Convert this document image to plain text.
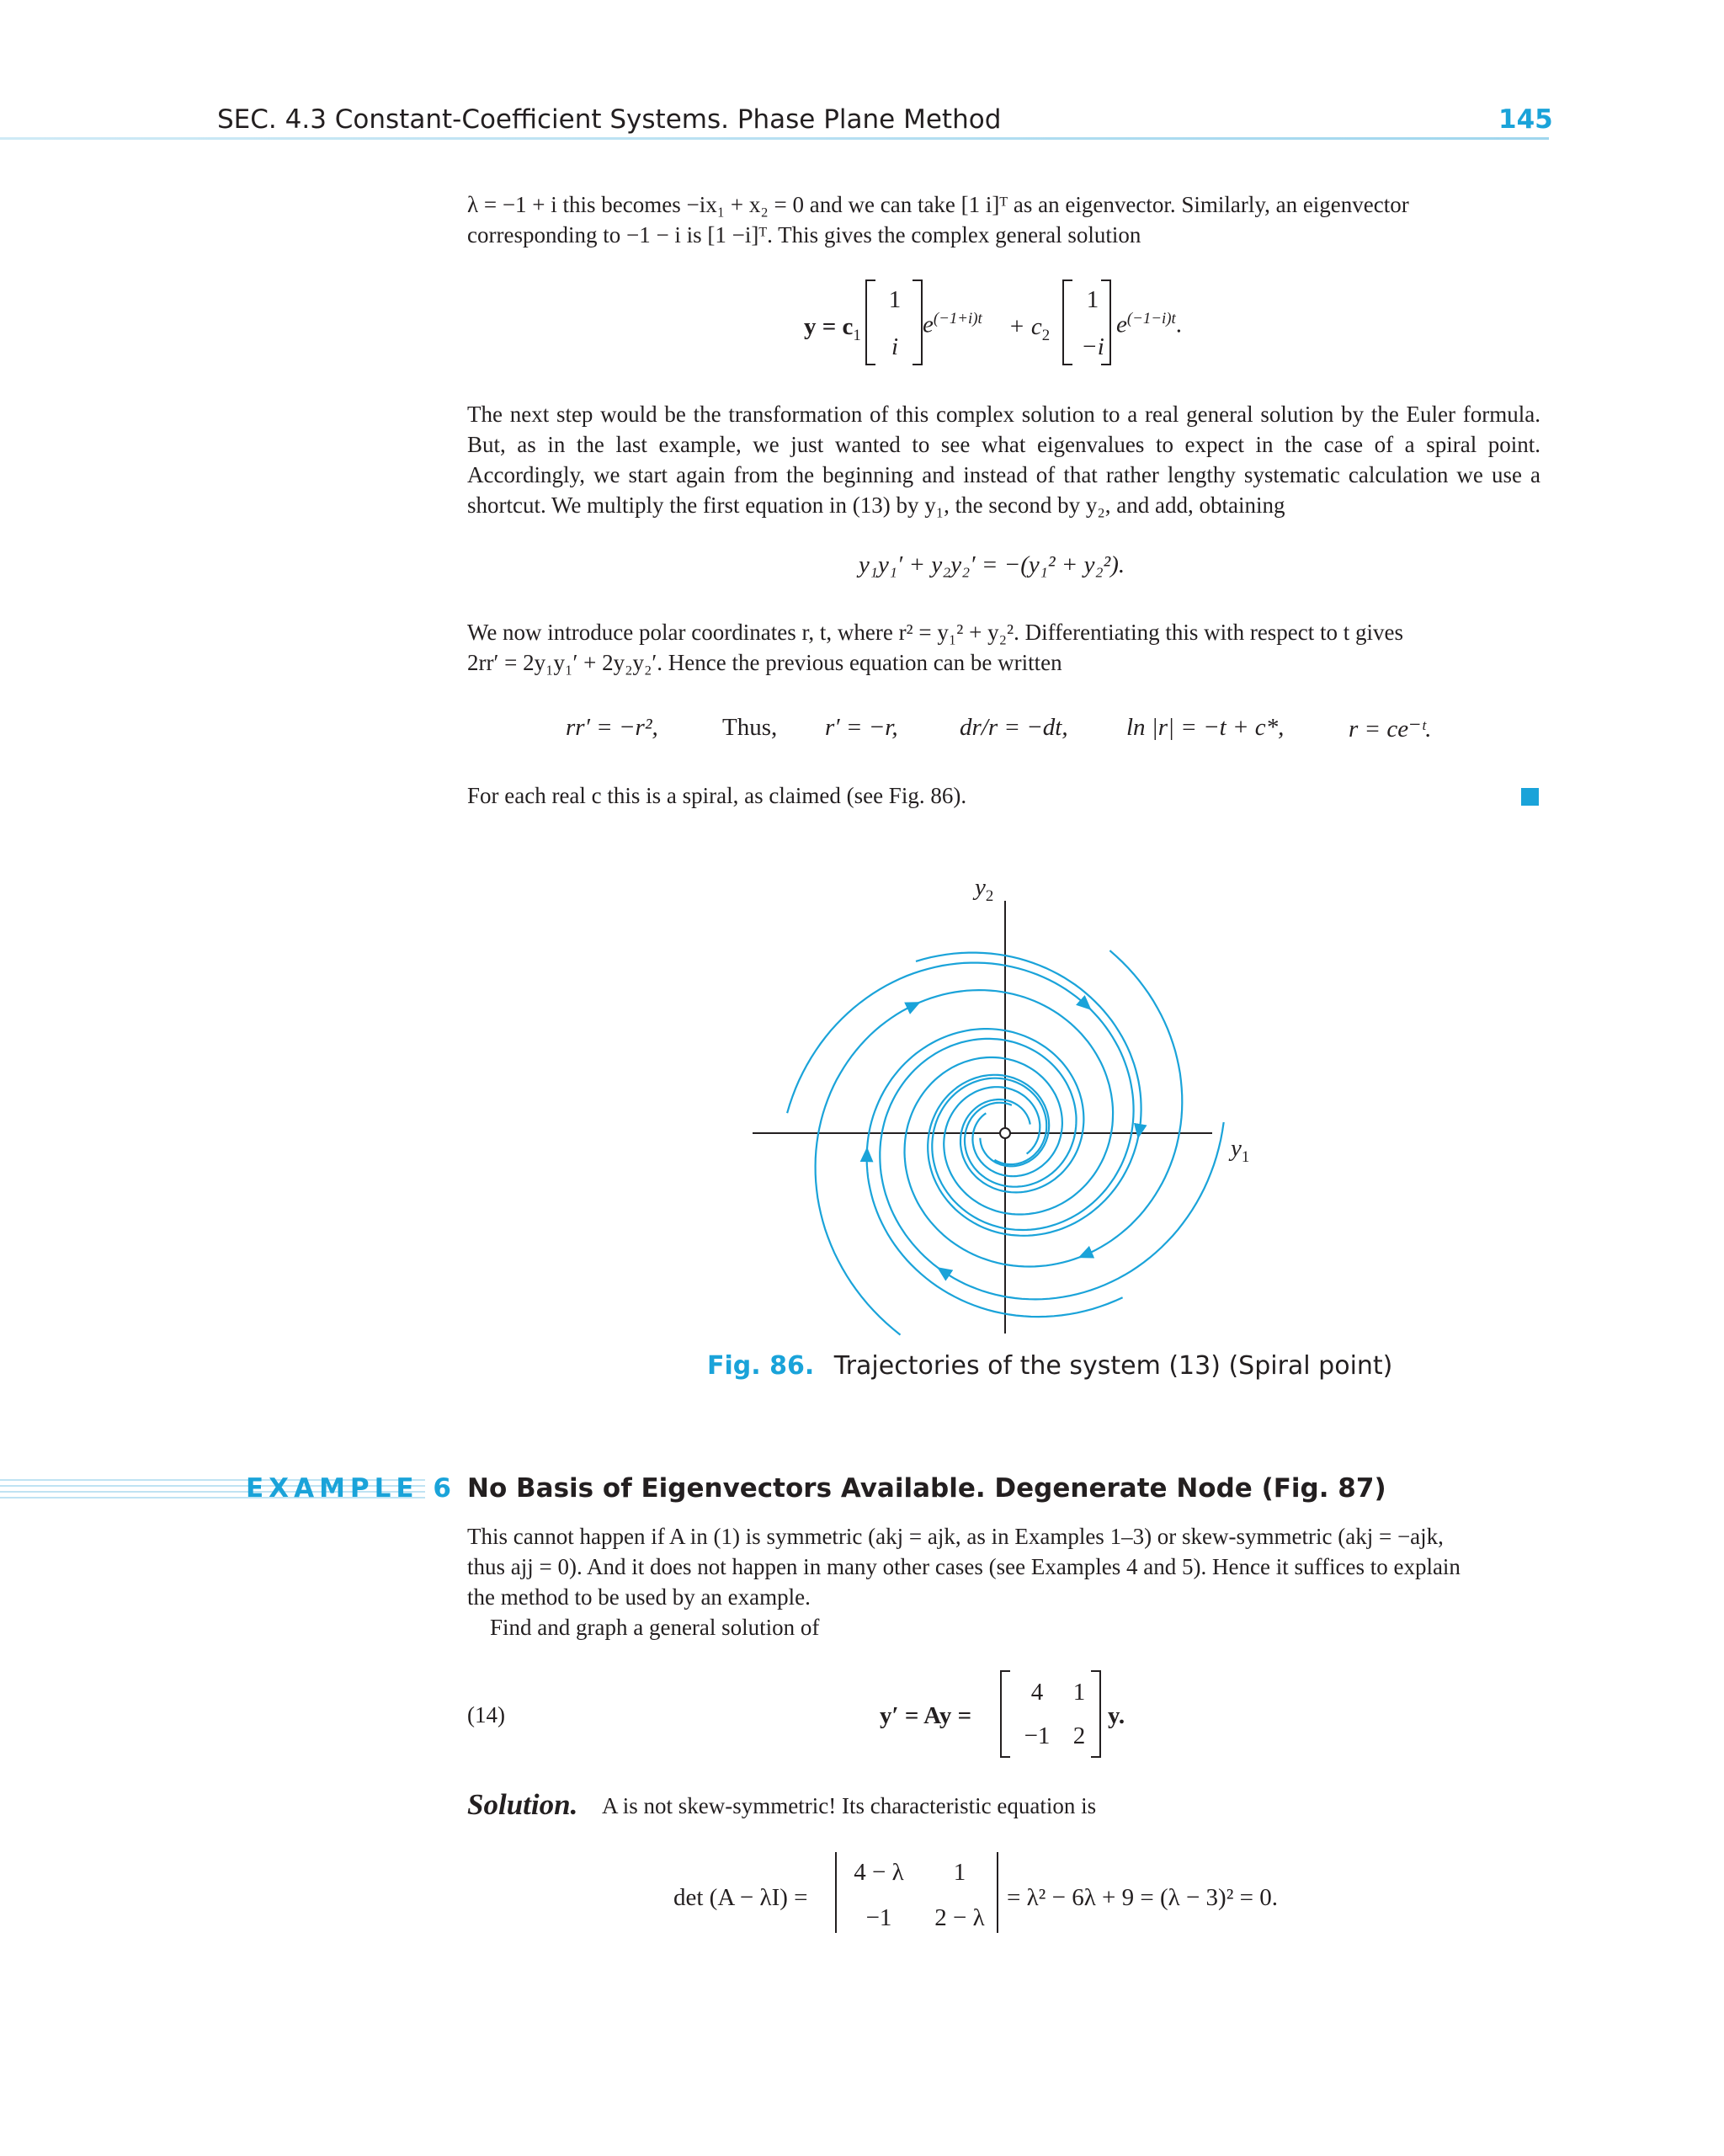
SEC. 4.3 Constant-Coefficient Systems. Phase Plane Method	145
λ = −1 + i this becomes −ix₁ + x₂ = 0 and we can take [1 i]ᵀ as an eigenvector. Similarly, an eigenvector
corresponding to −1 − i is [1 −i]ᵀ. This gives the complex general solution
$y = c_1$
1
i
$e^{(-1+i)t} + c_2$
1
−i
$e^{(-1-i)t}$.
The next step would be the transformation of this complex solution to a real general solution by the Euler formula. But, as in the last example, we just wanted to see what eigenvalues to expect in the case of a spiral point. Accordingly, we start again from the beginning and instead of that rather lengthy systematic calculation we use a shortcut. We multiply the first equation in (13) by y₁, the second by y₂, and add, obtaining
y₁y₁′ + y₂y₂′ = −(y₁² + y₂²).
We now introduce polar coordinates r, t, where r² = y₁² + y₂². Differentiating this with respect to t gives
2rr′ = 2y₁y₁′ + 2y₂y₂′. Hence the previous equation can be written
rr′ = −r²,	Thus, r′ = −r,	dr/r = −dt, ln |r| = −t + c*,	r = ce⁻ᵗ.
For each real c this is a spiral, as claimed (see Fig. 86).
$y_2$
$y_1$
Fig. 86. Trajectories of the system (13) (Spiral point)
EXAMPLE 6 No Basis of Eigenvectors Available. Degenerate Node (Fig. 87)
This cannot happen if A in (1) is symmetric (akj = ajk, as in Examples 1–3) or skew-symmetric (akj = −ajk,
thus ajj = 0). And it does not happen in many other cases (see Examples 4 and 5). Hence it suffices to explain
the method to be used by an example.
Find and graph a general solution of
(14)	y′ = Ay =
4	1
−1 2
y.
Solution. A is not skew-symmetric! Its characteristic equation is
det (A − λI) =
4 − λ	1
−1	2 − λ
= λ² − 6λ + 9 = (λ − 3)² = 0.
